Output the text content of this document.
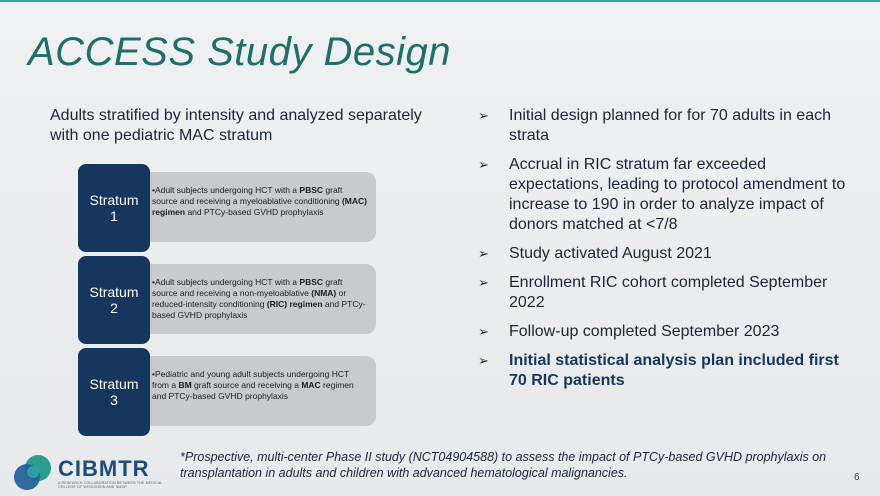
ACCESS Study Design
Adults stratified by intensity and analyzed separately with one pediatric MAC stratum
•Adult subjects undergoing HCT with a PBSC graft source and receiving a myeloablative conditioning (MAC) regimen and PTCy-based GVHD prophylaxis
Stratum
1
•Adult subjects undergoing HCT with a PBSC graft source and receiving a non-myeloablative (NMA) or reduced-intensity conditioning (RIC) regimen and PTCy-based GVHD prophylaxis
Stratum
2
•Pediatric and young adult subjects undergoing HCT from a BM graft source and receiving a MAC regimen and PTCy-based GVHD prophylaxis
Stratum
3
➢ Initial design planned for for 70 adults in each strata
➢ Accrual in RIC stratum far exceeded expectations, leading to protocol amendment to increase to 190 in order to analyze impact of donors matched at <7/8
➢ Study activated August 2021
➢ Enrollment RIC cohort completed September 2022
➢ Follow-up completed September 2023
➢ Initial statistical analysis plan included first 70 RIC patients
CIBMTR
A RESEARCH COLLABORATION BETWEEN THE MEDICAL COLLEGE OF WISCONSIN AND NMDP
*Prospective, multi-center Phase II study (NCT04904588) to assess the impact of PTCy-based GVHD prophylaxis on transplantation in adults and children with advanced hematological malignancies.	6
